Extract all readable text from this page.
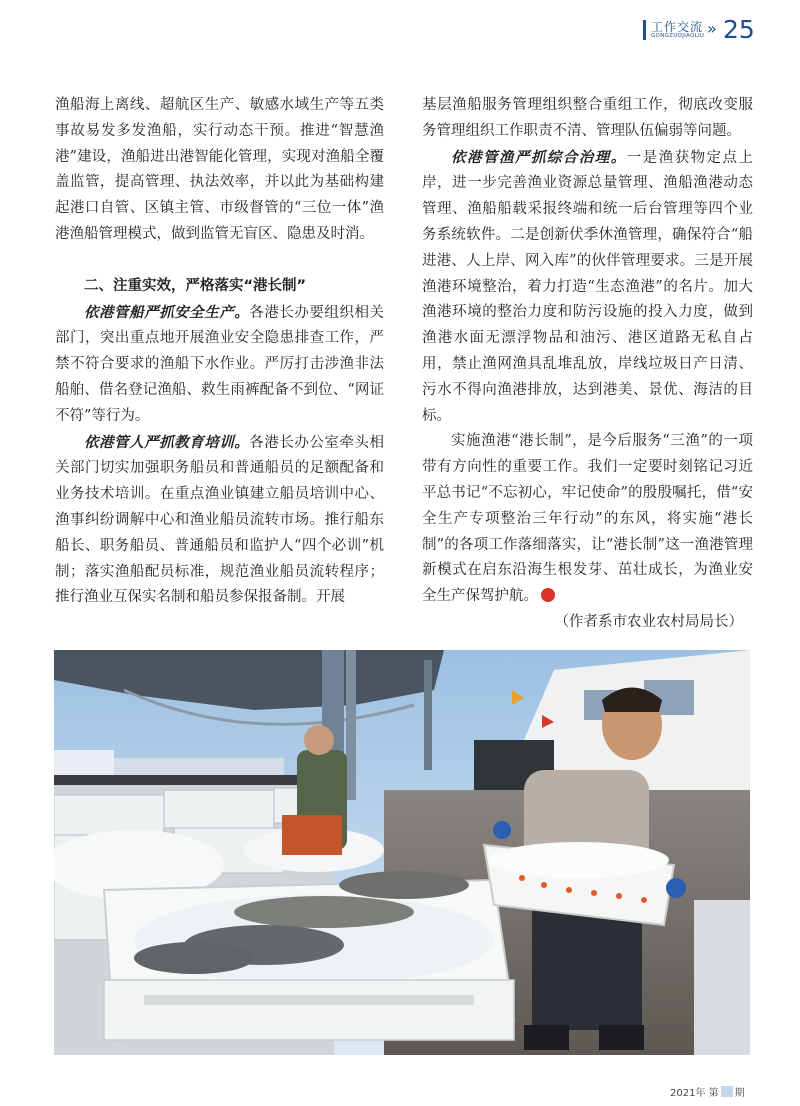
工作交流
GONGZUOJIAOLIU » 25

渔船海上离线、超航区生产、敏感水域生产等五类事故易发多发渔船，实行动态干预。推进“智慧渔港”建设，渔船进出港智能化管理，实现对渔船全覆盖监管，提高管理、执法效率，并以此为基础构建起港口自管、区镇主管、市级督管的“三位一体”渔港渔船管理模式，做到监管无盲区、隐患及时消。

二、注重实效，严格落实“港长制”

依港管船严抓安全生产。各港长办要组织相关部门，突出重点地开展渔业安全隐患排查工作，严禁不符合要求的渔船下水作业。严厉打击涉渔非法船舶、借名登记渔船、救生雨裤配备不到位、“网证不符”等行为。

依港管人严抓教育培训。各港长办公室牵头相关部门切实加强职务船员和普通船员的足额配备和业务技术培训。在重点渔业镇建立船员培训中心、渔事纠纷调解中心和渔业船员流转市场。推行船东船长、职务船员、普通船员和监护人“四个必训”机制；落实渔船配员标准，规范渔业船员流转程序；推行渔业互保实名制和船员参保报备制。开展

基层渔船服务管理组织整合重组工作，彻底改变服务管理组织工作职责不清、管理队伍偏弱等问题。

依港管渔严抓综合治理。一是渔获物定点上岸，进一步完善渔业资源总量管理、渔船渔港动态管理、渔船船载采报终端和统一后台管理等四个业务系统软件。二是创新伏季休渔管理，确保符合“船进港、人上岸、网入库”的伙伴管理要求。三是开展渔港环境整治，着力打造“生态渔港”的名片。加大渔港环境的整治力度和防污设施的投入力度，做到渔港水面无漂浮物品和油污、港区道路无私自占用，禁止渔网渔具乱堆乱放，岸线垃圾日产日清、污水不得向渔港排放，达到港美、景优、海洁的目标。

实施渔港“港长制”，是今后服务“三渔”的一项带有方向性的重要工作。我们一定要时刻铭记习近平总书记“不忘初心，牢记使命”的殷殷嘱托，借“安全生产专项整治三年行动”的东风，将实施“港长制”的各项工作落细落实，让“港长制”这一渔港管理新模式在启东沿海生根发芽、茁壮成长，为渔业安全生产保驾护航。

（作者系市农业农村局局长）

2021年 第 期
